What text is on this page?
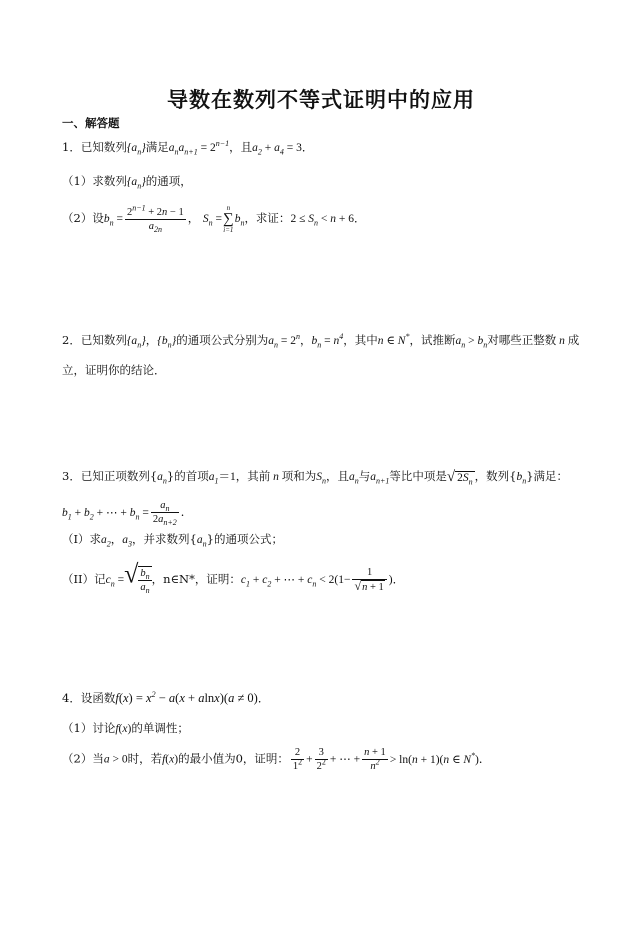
导数在数列不等式证明中的应用
一、解答题
1．已知数列$\{a_n\}$满足$a_na_{n+1} = 2^{n-1}$，且$a_2 + a_4 = 3$．
（1）求数列$\{a_n\}$的通项，
（2）设$b_n = \frac{2^{n-1} + 2n - 1}{a_{2n}}$ ， $S_n =n$
∑
$i=1b_n$，求证：$2 \le S_n < n + 6$．
2．已知数列$\{a_n\}$，$\{b_n\}$的通项公式分别为$a_n = 2^n$，$b_n = n^4$，其中n ∈ N*，试推断$a_n > b_n$对哪些正整数 n 成
立，证明你的结论．
3．已知正项数列$\{a_n\}$的首项$a_1=1$，其前 n 项和为$S_n$，且$a_n$与$a_{n+1}$等比中项是√ $2S_n$ ，数列$\{b_n\}$满足：
$b_1 + b_2$ + ⋯ + $b_n = \frac{a_n}{2a_{n+2}}$ ．
（I）求$a_2$，$a_3$，并求数列$\{a_n\}$的通项公式；
（II）记$c_n$ =√ $\frac{b_n}{a_n}$ ，n∈N*，证明：$c_1 + c_2$ + ⋯ + $c_n < 2(1- \frac{1}{√n + 1}$ )．
4．设函数$f(x) = x^2 - a(x + alnx)(a \ne 0)$．
（1）讨论f(x)的单调性；
（2）当a > 0时，若f(x)的最小值为0，证明： $\frac{2}{1^2} + \frac{3}{2^2}$ + ⋯ + $\frac{n + 1}{n^2} > \ln(n + 1)(n$ ∈ N*)．
